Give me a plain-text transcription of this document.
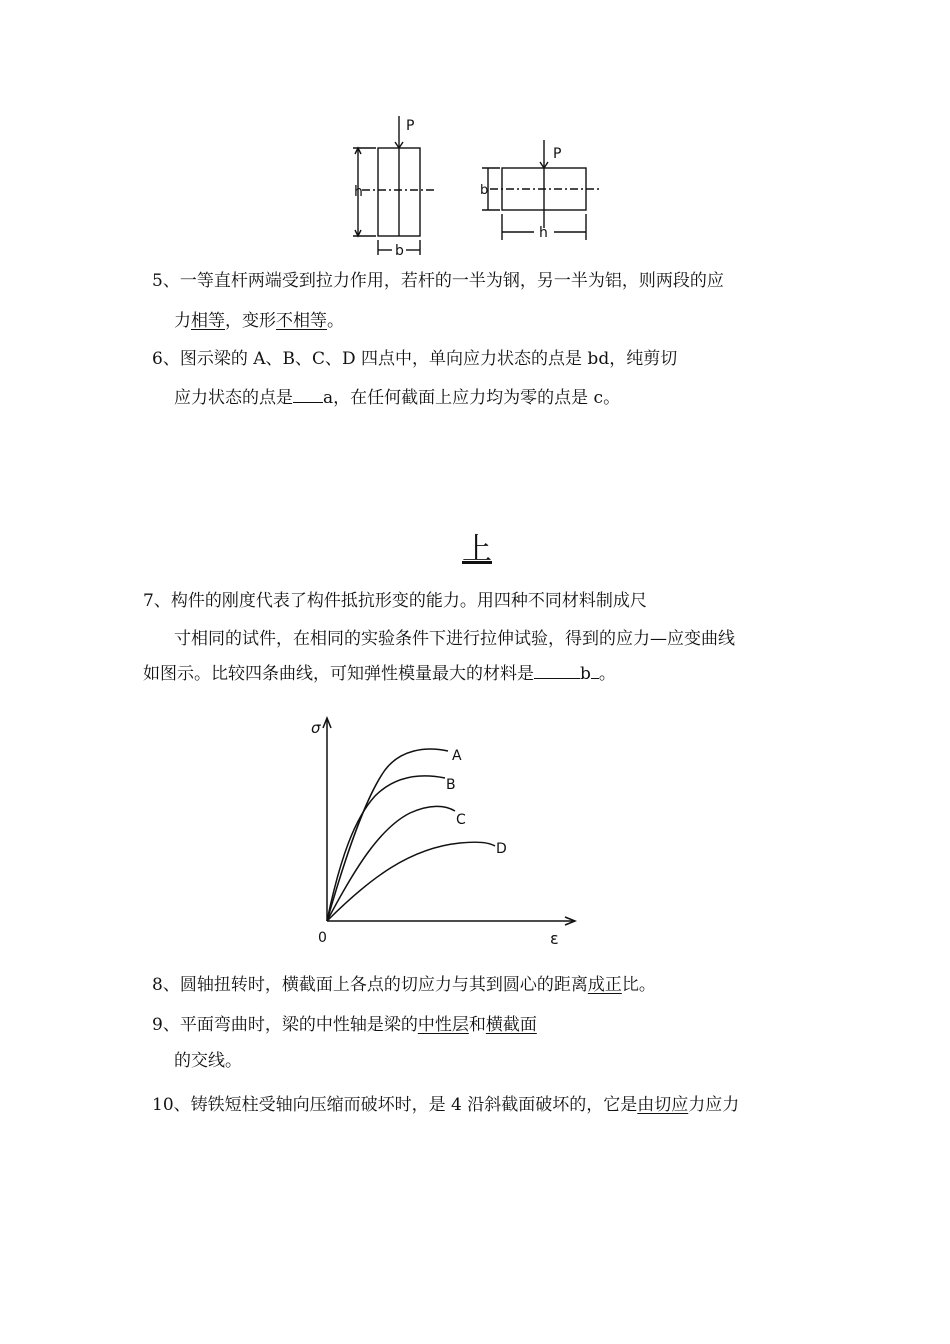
P
h
b
P
b
h
5、一等直杆两端受到拉力作用，若杆的一半为钢，另一半为铝，则两段的应
力相等，变形不相等。
6、图示梁的 A、B、C、D 四点中，单向应力状态的点是 bd，纯剪切
应力状态的点是 a，在任何截面上应力均为零的点是 c。
上
7、构件的刚度代表了构件抵抗形变的能力。用四种不同材料制成尺
寸相同的试件，在相同的实验条件下进行拉伸试验，得到的应力—应变曲线
如图示。比较四条曲线，可知弹性模量最大的材料是	b 。
σ
0	ε
A
B
C
D
8、圆轴扭转时，横截面上各点的切应力与其到圆心的距离成正比。
9、平面弯曲时，梁的中性轴是梁的中性层和横截面
的交线。
10、铸铁短柱受轴向压缩而破坏时，是 4 沿斜截面破坏的，它是由切应力应力
